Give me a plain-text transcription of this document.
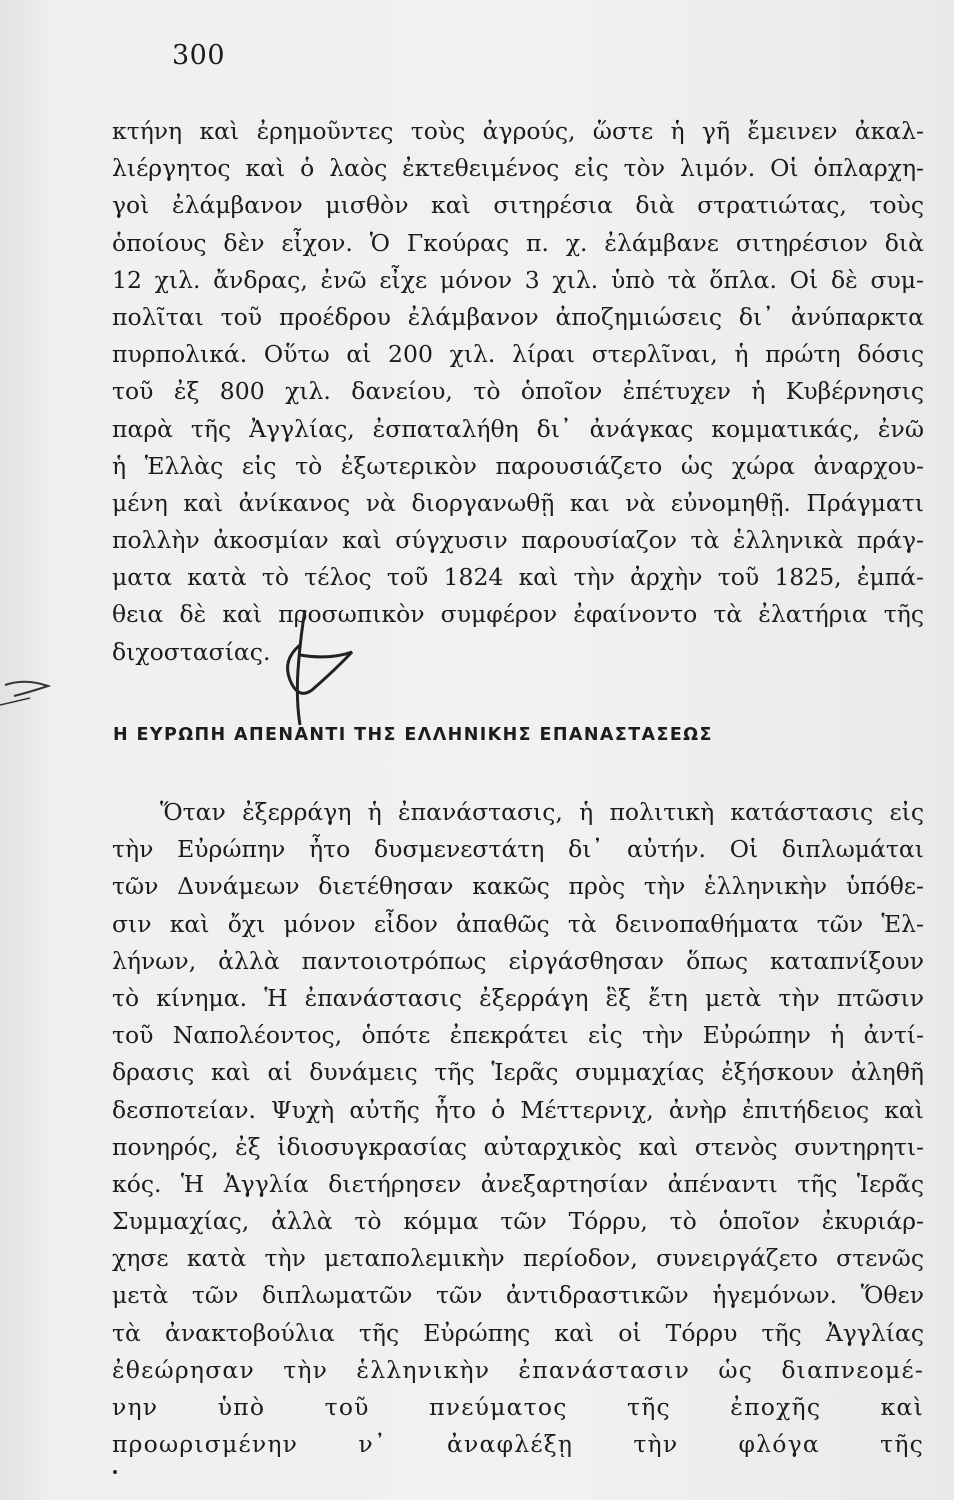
300
κτήνη καὶ ἐρημοῦντες τοὺς ἀγρούς, ὥστε ἡ γῆ ἔμεινεν ἀκαλ-
λιέργητος καὶ ὁ λαὸς ἐκτεθειμένος εἰς τὸν λιμόν. Οἱ ὁπλαρχη-
γοὶ ἐλάμβανον μισθὸν καὶ σιτηρέσια διὰ στρατιώτας, τοὺς
ὁποίους δὲν εἶχον. Ὁ Γκούρας π. χ. ἐλάμβανε σιτηρέσιον διὰ
12 χιλ. ἄνδρας, ἐνῶ εἶχε μόνον 3 χιλ. ὑπὸ τὰ ὅπλα. Οἱ δὲ συμ-
πολῖται τοῦ προέδρου ἐλάμβανον ἀποζημιώσεις δι᾿ ἀνύπαρκτα
πυρπολικά. Οὕτω αἱ 200 χιλ. λίραι στερλῖναι, ἡ πρώτη δόσις
τοῦ ἐξ 800 χιλ. δανείου, τὸ ὁποῖον ἐπέτυχεν ἡ Κυβέρνησις
παρὰ τῆς Ἀγγλίας, ἐσπαταλήθη δι᾿ ἀνάγκας κομματικάς, ἐνῶ
ἡ Ἑλλὰς εἰς τὸ ἐξωτερικὸν παρουσιάζετο ὡς χώρα ἀναρχου-
μένη καὶ ἀνίκανος νὰ διοργανωθῇ και νὰ εὐνομηθῇ. Πράγματι
πολλὴν ἀκοσμίαν καὶ σύγχυσιν παρουσίαζον τὰ ἑλληνικὰ πράγ-
ματα κατὰ τὸ τέλος τοῦ 1824 καὶ τὴν ἀρχὴν τοῦ 1825, ἐμπά-
θεια δὲ καὶ προσωπικὸν συμφέρον ἐφαίνοντο τὰ ἐλατήρια τῆς
διχοστασίας.
Η ΕΥΡΩΠΗ ΑΠΕΝΑΝΤΙ ΤΗΣ ΕΛΛΗΝΙΚΗΣ ΕΠΑΝΑΣΤΑΣΕΩΣ
Ὅταν ἐξερράγη ἡ ἐπανάστασις, ἡ πολιτικὴ κατάστασις εἰς
τὴν Εὐρώπην ἦτο δυσμενεστάτη δι᾿ αὐτήν. Οἱ διπλωμάται
τῶν Δυνάμεων διετέθησαν κακῶς πρὸς τὴν ἑλληνικὴν ὑπόθε-
σιν καὶ ὄχι μόνον εἶδον ἀπαθῶς τὰ δεινοπαθήματα τῶν Ἑλ-
λήνων, ἀλλὰ παντοιοτρόπως εἰργάσθησαν ὅπως καταπνίξουν
τὸ κίνημα. Ἡ ἐπανάστασις ἐξερράγη ἓξ ἔτη μετὰ τὴν πτῶσιν
τοῦ Ναπολέοντος, ὁπότε ἐπεκράτει εἰς τὴν Εὐρώπην ἡ ἀντί-
δρασις καὶ αἱ δυνάμεις τῆς Ἱερᾶς συμμαχίας ἐξήσκουν ἀληθῆ
δεσποτείαν. Ψυχὴ αὐτῆς ἦτο ὁ Μέττερνιχ, ἀνὴρ ἐπιτήδειος καὶ
πονηρός, ἐξ ἰδιοσυγκρασίας αὐταρχικὸς καὶ στενὸς συντηρητι-
κός. Ἡ Ἀγγλία διετήρησεν ἀνεξαρτησίαν ἀπέναντι τῆς Ἱερᾶς
Συμμαχίας, ἀλλὰ τὸ κόμμα τῶν Τόρρυ, τὸ ὁποῖον ἐκυριάρ-
χησε κατὰ τὴν μεταπολεμικὴν περίοδον, συνειργάζετο στενῶς
μετὰ τῶν διπλωματῶν τῶν ἀντιδραστικῶν ἡγεμόνων. Ὅθεν
τὰ ἀνακτοβούλια τῆς Εὐρώπης καὶ οἱ Τόρρυ τῆς Ἀγγλίας
ἐθεώρησαν τὴν ἑλληνικὴν ἐπανάστασιν ὡς διαπνεομέ-
νην ὑπὸ τοῦ πνεύματος τῆς ἐποχῆς καὶ
προωρισμένην ν᾿ ἀναφλέξῃ τὴν φλόγα τῆς
